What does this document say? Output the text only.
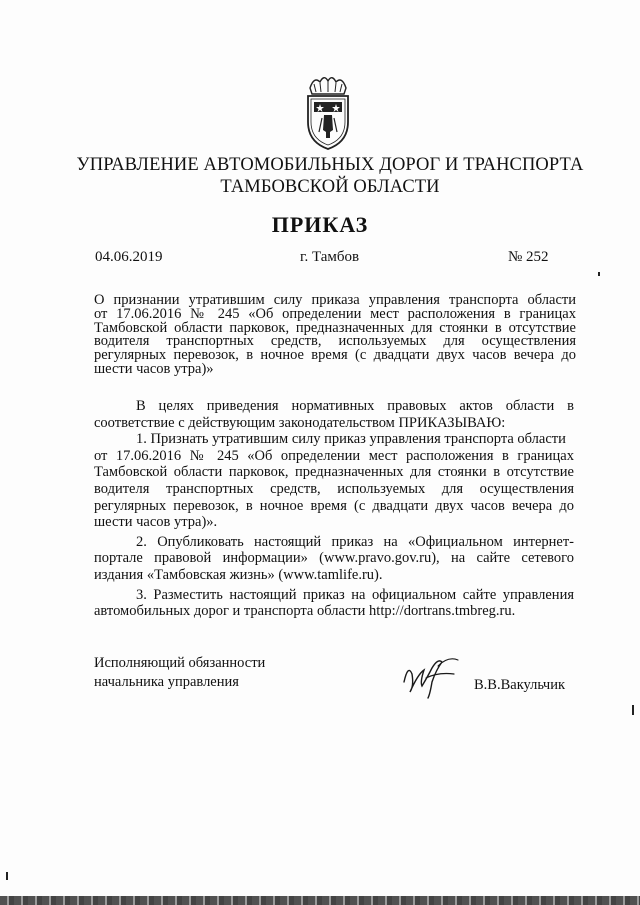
УПРАВЛЕНИЕ АВТОМОБИЛЬНЫХ ДОРОГ И ТРАНСПОРТА
ТАМБОВСКОЙ ОБЛАСТИ
ПРИКАЗ
04.06.2019	г. Тамбов	№ 252
О признании утратившим силу приказа управления транспорта области
от 17.06.2016 № 245 «Об определении мест расположения в границах
Тамбовской области парковок, предназначенных для стоянки в отсутствие
водителя транспортных средств, используемых для осуществления
регулярных перевозок, в ночное время (с двадцати двух часов вечера до
шести часов утра)»
В целях приведения нормативных правовых актов области в
соответствие с действующим законодательством ПРИКАЗЫВАЮ:
1. Признать утратившим силу приказ управления транспорта области
от 17.06.2016 № 245 «Об определении мест расположения в границах
Тамбовской области парковок, предназначенных для стоянки в отсутствие
водителя транспортных средств, используемых для осуществления
регулярных перевозок, в ночное время (с двадцати двух часов вечера до
шести часов утра)».
2. Опубликовать настоящий приказ на «Официальном интернет-
портале правовой информации» (www.pravo.gov.ru), на сайте сетевого
издания «Тамбовская жизнь» (www.tamlife.ru).
3. Разместить настоящий приказ на официальном сайте управления
автомобильных дорог и транспорта области http://dortrans.tmbreg.ru.
Исполняющий обязанности
начальника управления	В.В.Вакульчик
